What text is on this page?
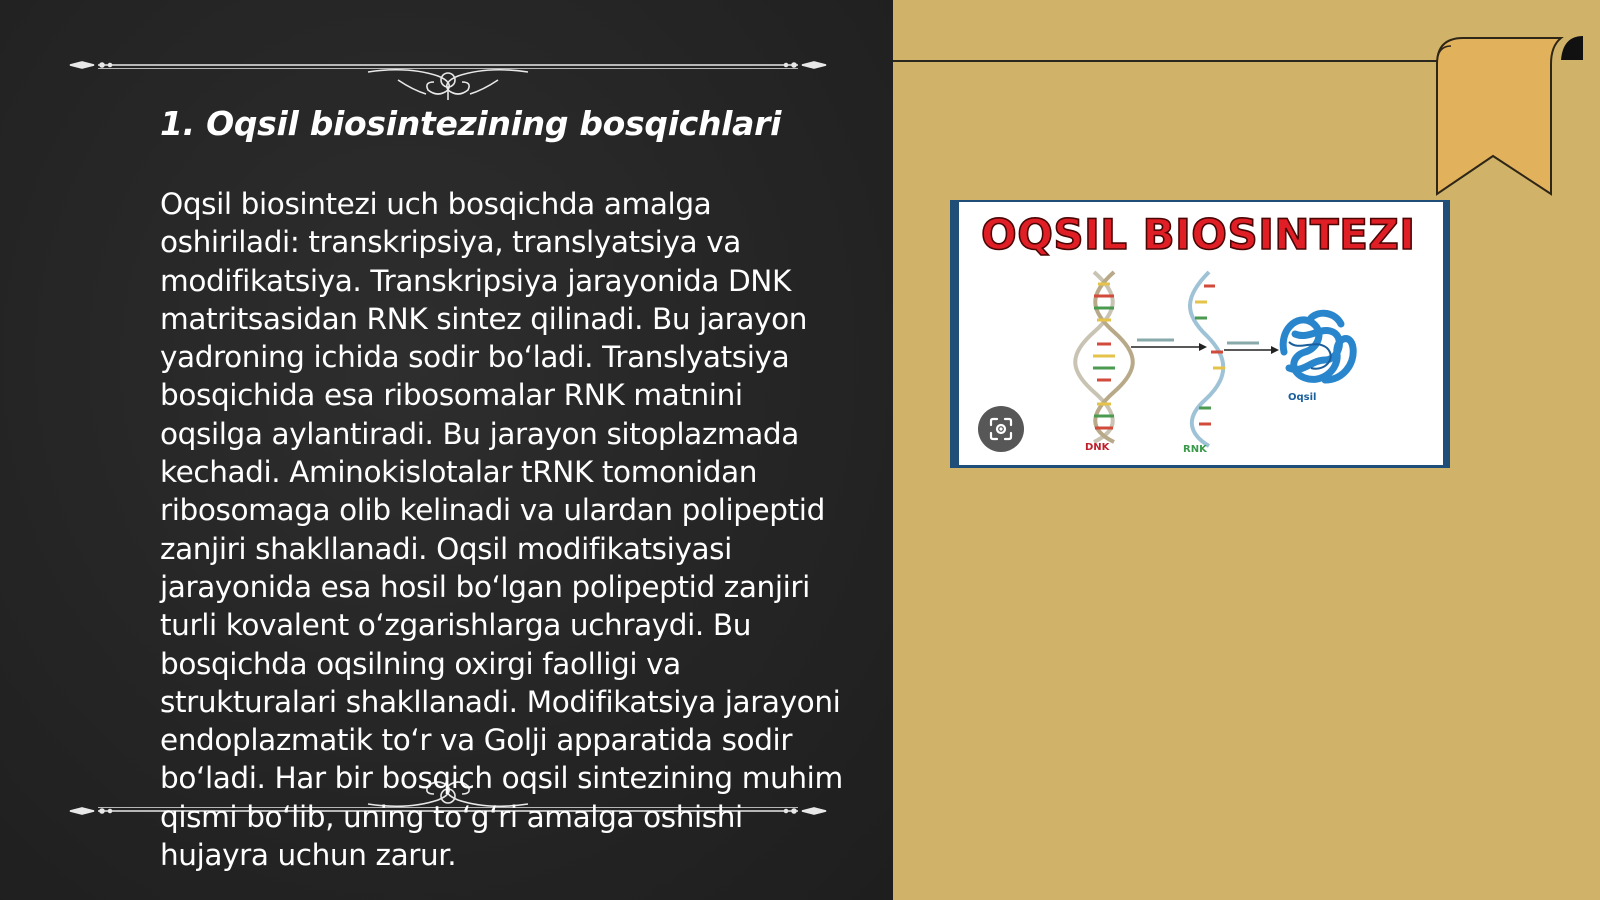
1. Oqsil biosintezining bosqichlari

Oqsil biosintezi uch bosqichda amalga oshiriladi: transkripsiya, translyatsiya va modifikatsiya. Transkripsiya jarayonida DNK matritsasidan RNK sintez qilinadi. Bu jarayon yadroning ichida sodir bo‘ladi. Translyatsiya bosqichida esa ribosomalar RNK matnini oqsilga aylantiradi. Bu jarayon sitoplazmada kechadi. Aminokislotalar tRNK tomonidan ribosomaga olib kelinadi va ulardan polipeptid zanjiri shakllanadi. Oqsil modifikatsiyasi jarayonida esa hosil bo‘lgan polipeptid zanjiri turli kovalent o‘zgarishlarga uchraydi. Bu bosqichda oqsilning oxirgi faolligi va strukturalari shakllanadi. Modifikatsiya jarayoni endoplazmatik to‘r va Golji apparatida sodir bo‘ladi. Har bir bosqich oqsil sintezining muhim qismi bo‘lib, uning to‘g‘ri amalga oshishi hujayra uchun zarur.

OQSIL BIOSINTEZI
DNK	RNK
Oqsil
